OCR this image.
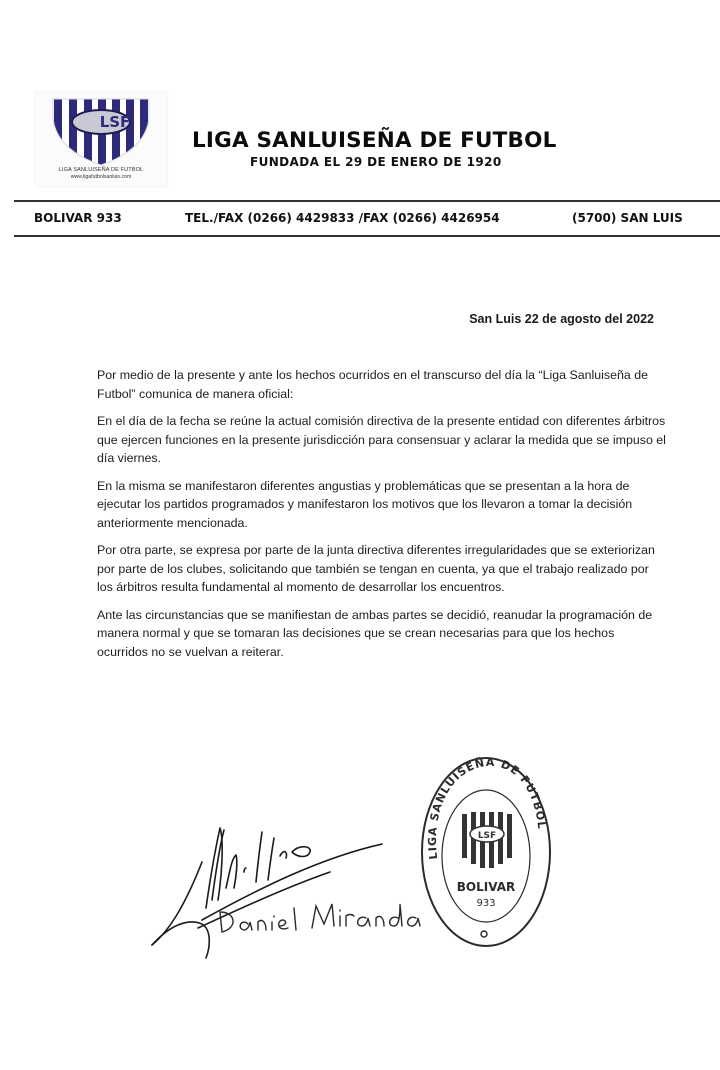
LSF
LIGA SANLUISEÑA DE FUTBOL
www.ligafutbolsanluis.com
LIGA SANLUISEÑA DE FUTBOL
FUNDADA EL 29 DE ENERO DE 1920
BOLIVAR 933	TEL./FAX (0266) 4429833 /FAX (0266) 4426954	(5700) SAN LUIS
San Luis 22 de agosto del 2022

Por medio de la presente y ante los hechos ocurridos en el transcurso del día la “Liga Sanluiseña de Futbol” comunica de manera oficial:

En el día de la fecha se reúne la actual comisión directiva de la presente entidad con diferentes árbitros que ejercen funciones en la presente jurisdicción para consensuar y aclarar la medida que se impuso el día viernes.

En la misma se manifestaron diferentes angustias y problemáticas que se presentan a la hora de ejecutar los partidos programados y manifestaron los motivos que los llevaron a tomar la decisión anteriormente mencionada.

Por otra parte, se expresa por parte de la junta directiva diferentes irregularidades que se exteriorizan por parte de los clubes, solicitando que también se tengan en cuenta, ya que el trabajo realizado por los árbitros resulta fundamental al momento de desarrollar los encuentros.

Ante las circunstancias que se manifiestan de ambas partes se decidió, reanudar la programación de manera normal y que se tomaran las decisiones que se crean necesarias para que los hechos ocurridos no se vuelvan a reiterar.

Daniel Miranda
LIGA SANLUISEÑA DE FUTBOL
LSF
BOLIVAR
933
